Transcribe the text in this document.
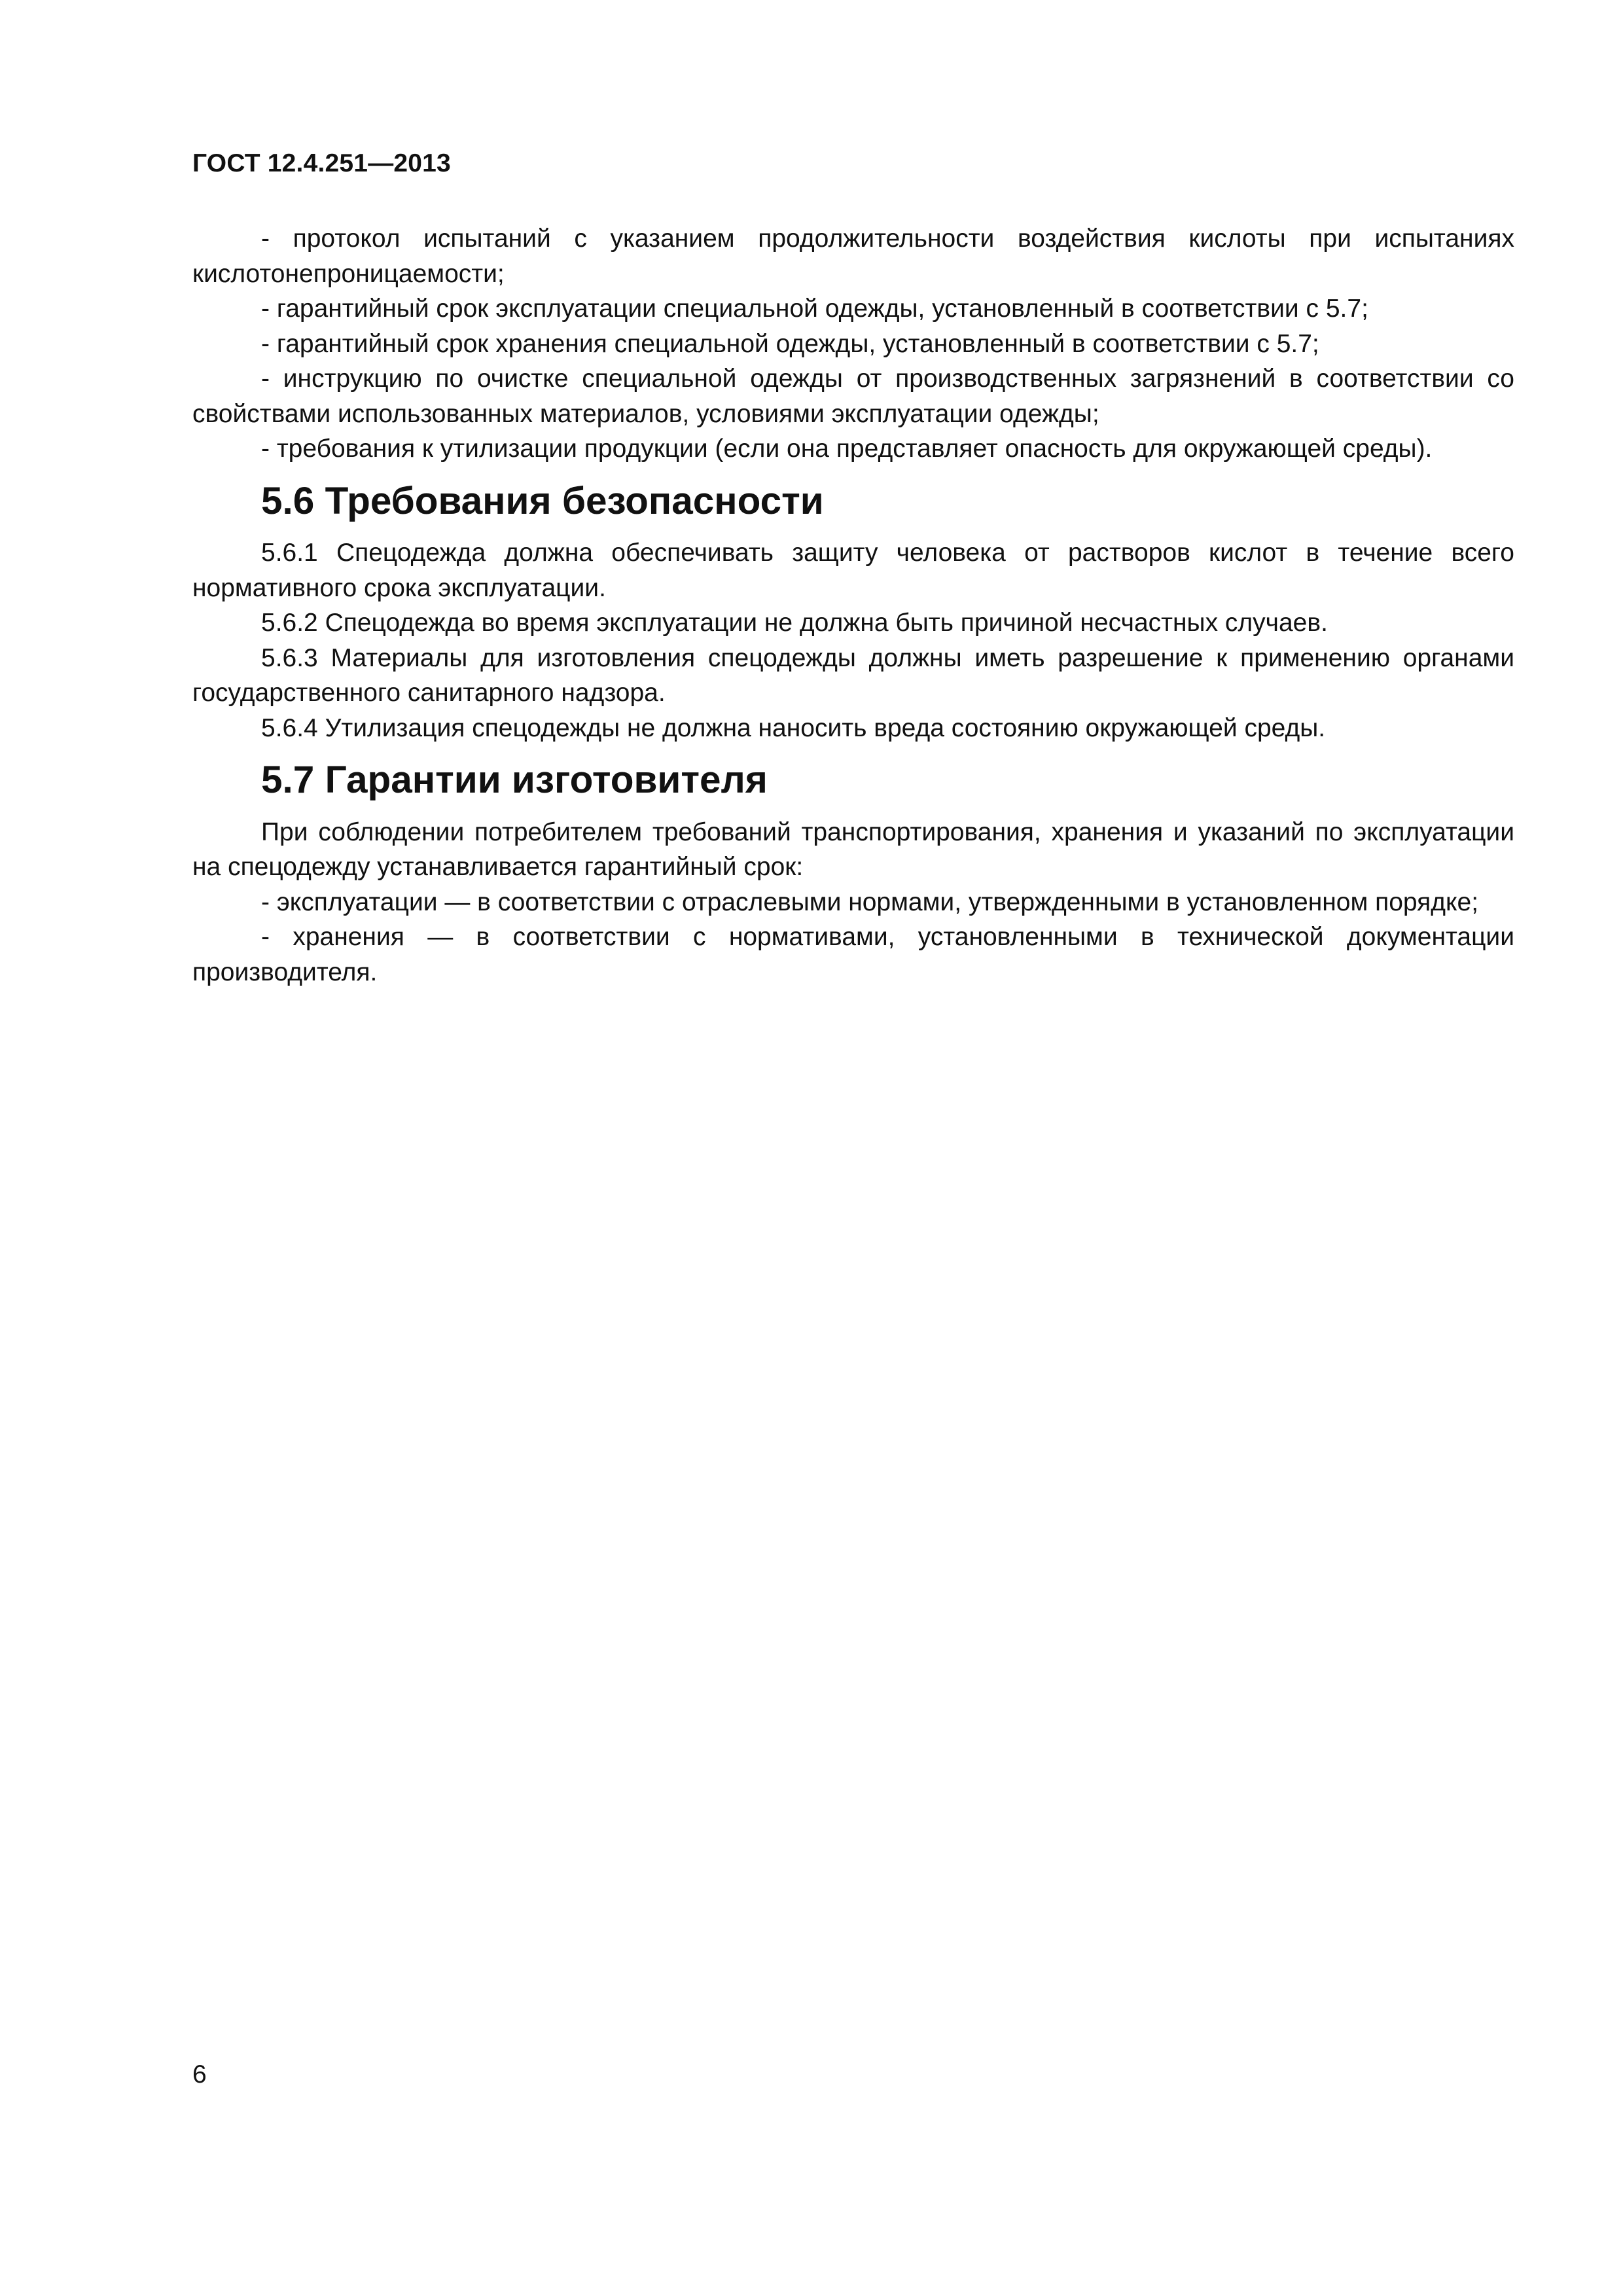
ГОСТ 12.4.251—2013

- протокол испытаний с указанием продолжительности воздействия кислоты при испытаниях кислотонепроницаемости;

- гарантийный срок эксплуатации специальной одежды, установленный в соответствии с 5.7;

- гарантийный срок хранения специальной одежды, установленный в соответствии с 5.7;

- инструкцию по очистке специальной одежды от производственных загрязнений в соответствии со свойствами использованных материалов, условиями эксплуатации одежды;

- требования к утилизации продукции (если она представляет опасность для окружающей среды).

5.6 Требования безопасности

5.6.1 Спецодежда должна обеспечивать защиту человека от растворов кислот в течение всего нормативного срока эксплуатации.

5.6.2 Спецодежда во время эксплуатации не должна быть причиной несчастных случаев.

5.6.3 Материалы для изготовления спецодежды должны иметь разрешение к применению органами государственного санитарного надзора.

5.6.4 Утилизация спецодежды не должна наносить вреда состоянию окружающей среды.

5.7 Гарантии изготовителя

При соблюдении потребителем требований транспортирования, хранения и указаний по эксплуатации на спецодежду устанавливается гарантийный срок:

- эксплуатации — в соответствии с отраслевыми нормами, утвержденными в установленном порядке;

- хранения — в соответствии с нормативами, установленными в технической документации производителя.

6
